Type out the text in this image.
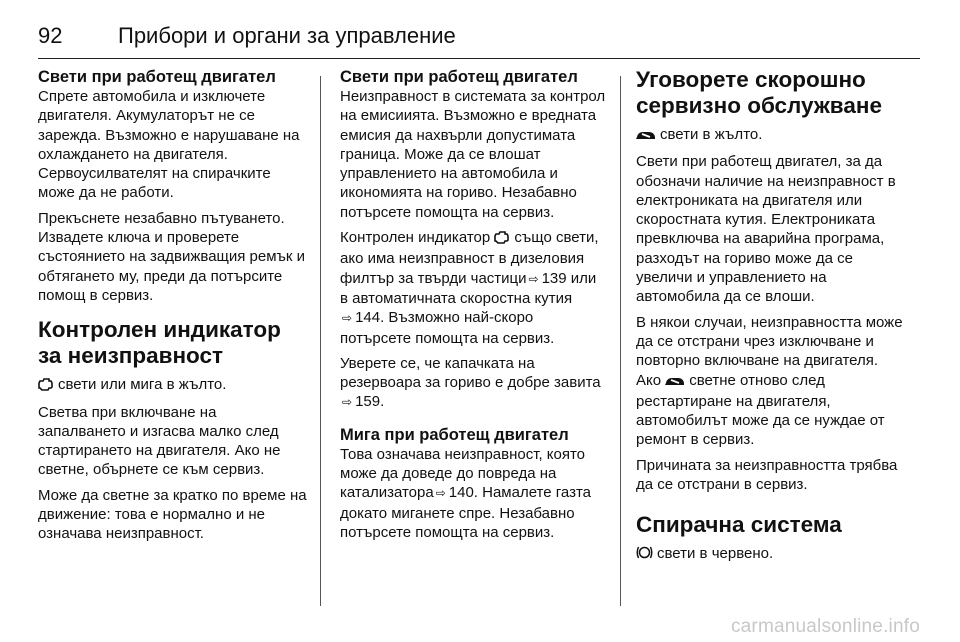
92	Прибори и органи за управление
Свети при работещ двигател

Спрете автомобила и изключете двигателя. Акумулаторът не се зарежда. Възможно е нарушаване на охлаждането на двигателя. Сервоусилвателят на спирачките може да не работи.

Прекъснете незабавно пътуването. Извадете ключа и проверете състоянието на задвижващия ремък и обтягането му, преди да потърсите помощ в сервиз.

Контролен индикатор за неизправност

свети или мига в жълто.

Светва при включване на запалването и изгасва малко след стартирането на двигателя. Ако не светне, обърнете се към сервиз.

Може да светне за кратко по време на движение: това е нормално и не означава неизправност.

Свети при работещ двигател

Неизправност в системата за контрол на емисиията. Възможно е вредната емисия да нахвърли допустимата граница. Може да се влошат управлението на автомобила и икономията на гориво. Незабавно потърсете помощта на сервиз.

Контролен индикатор също свети, ако има неизправност в дизеловия филтър за твърди частици ⇨ 139 или в автоматичната скоростна кутия
⇨ 144. Възможно най-скоро потърсете помощта на сервиз.

Уверете се, че капачката на резервоара за гориво е добре завита⇨ 159.

Мига при работещ двигател

Това означава неизправност, която може да доведе до повреда на катализатора ⇨ 140. Намалете газта докато миганете спре. Незабавно потърсете помощта на сервиз.

Уговорете скорошно сервизно обслужване

свети в жълто.

Свети при работещ двигател, за да обозначи наличие на неизправност в електрониката на двигателя или скоростната кутия. Електрониката превключва на аварийна програма, разходът на гориво може да се увеличи и управлението на автомобила да се влоши.

В някои случаи, неизправността може да се отстрани чрез изключване и повторно включване на двигателя. Ако светне отново след рестартиране на двигателя, автомобилът може да се нуждае от ремонт в сервиз.

Причината за неизправността трябва да се отстрани в сервиз.

Спирачна система

свети в червено.

carmanualsonline.info
